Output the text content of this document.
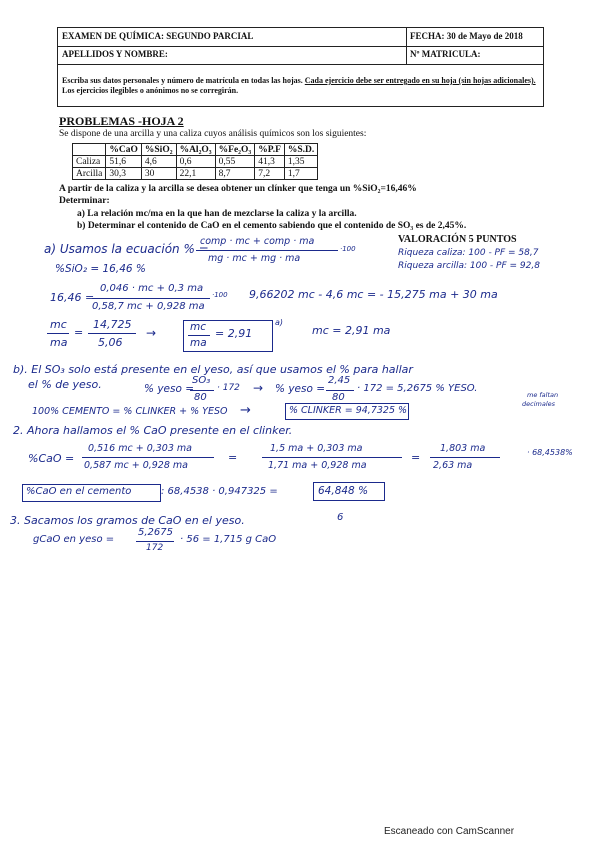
EXAMEN DE QUÍMICA: SEGUNDO PARCIAL	FECHA: 30 de Mayo de 2018
APELLIDOS Y NOMBRE:	Nº MATRICULA:
Escriba sus datos personales y número de matrícula en todas las hojas. Cada ejercicio debe ser entregado en su hoja (sin hojas adicionales). Los ejercicios ilegibles o anónimos no se corregirán.
PROBLEMAS -HOJA 2
Se dispone de una arcilla y una caliza cuyos análisis químicos son los siguientes:
	%CaO	%SiO₂	%Al₂O₃	%Fe₂O₃	%P.F	%S.D.
Caliza	51,6	4,6	0,6	0,55	41,3	1,35
Arcilla	30,3	30	22,1	8,7	7,2	1,7
A partir de la caliza y la arcilla se desea obtener un clínker que tenga un %SiO₂=16,46%
Determinar:
a) La relación mc/ma en la que han de mezclarse la caliza y la arcilla.
b) Determinar el contenido de CaO en el cemento sabiendo que el contenido de SO₃ es de 2,45%.
VALORACIÓN 5 PUNTOS
a) Usamos la ecuación % =
comp · mc + comp · ma
mg · mc + mg · ma
·100
%SiO₂ = 16,46 %
Riqueza caliza: 100 - PF = 58,7
Riqueza arcilla: 100 - PF = 92,8
16,46 =
0,046 · mc + 0,3 ma
0,58,7 mc + 0,928 ma
·100 9,66202 mc - 4,6 mc = - 15,275 ma + 30 ma
mc
ma
=
14,725
5,06
→	mc
ma
= 2,91
a)
mc = 2,91 ma
b). El SO₃ solo está presente en el yeso, así que usamos el % para hallar
el % de yeso.	% yeso =
SO₃
80
· 172 → % yeso =
2,45
80
· 172 = 5,2675 % YESO.
100% CEMENTO = % CLINKER + % YESO →	% CLINKER = 94,7325 %
me faltan
decimales
2. Ahora hallamos el % CaO presente en el clinker.
%CaO =
0,516 mc + 0,303 ma
0,587 mc + 0,928 ma
=
1,5 ma + 0,303 ma
1,71 ma + 0,928 ma
=
1,803 ma
2,63 ma
· 68,4538%
%CaO en el cemento	: 68,4538 · 0,947325 =	64,848 %
3. Sacamos los gramos de CaO en el yeso.	6
gCaO en yeso =
5,2675
172
· 56 = 1,715 g CaO
Escaneado con CamScanner
